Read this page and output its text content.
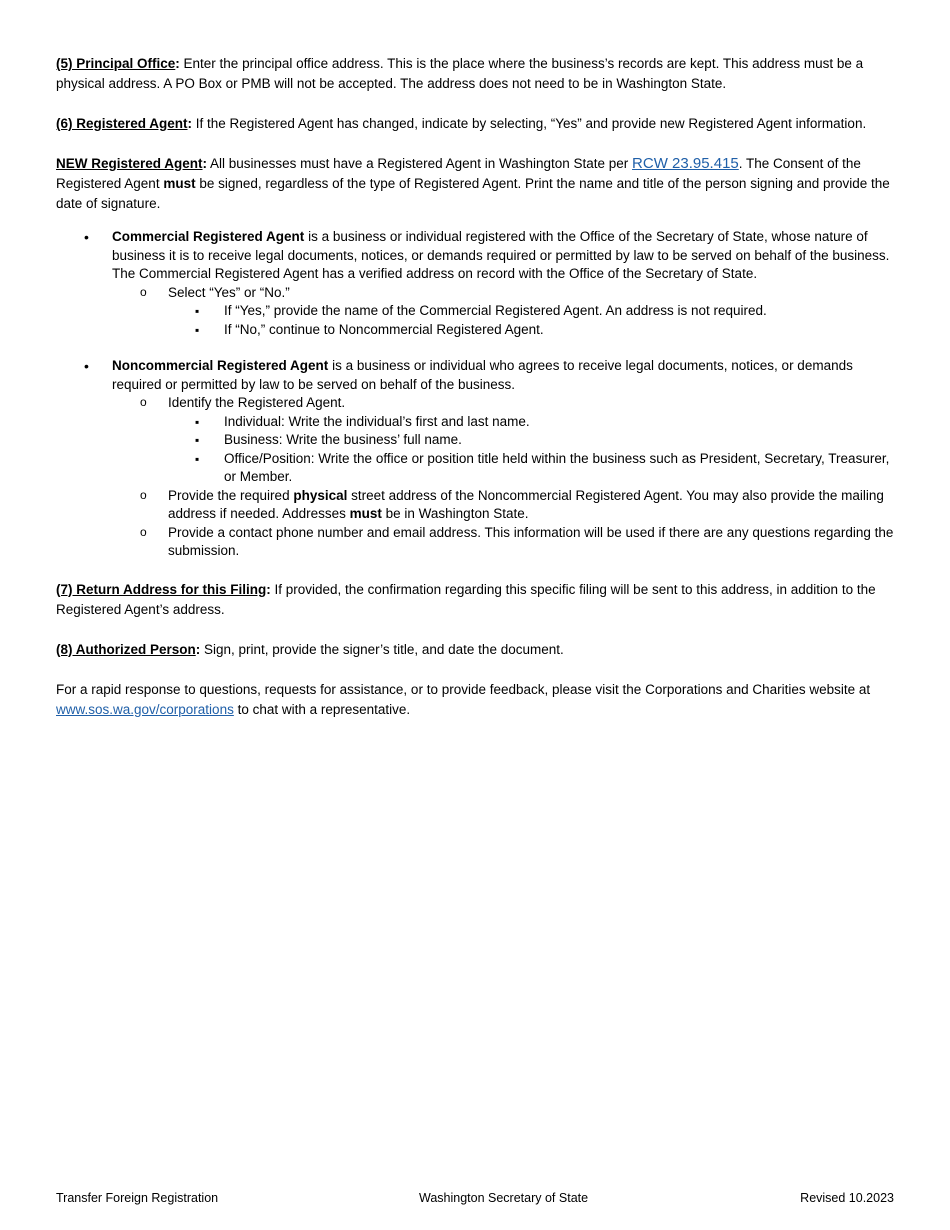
(5) Principal Office: Enter the principal office address. This is the place where the business’s records are kept. This address must be a physical address. A PO Box or PMB will not be accepted. The address does not need to be in Washington State.

(6) Registered Agent: If the Registered Agent has changed, indicate by selecting, “Yes” and provide new Registered Agent information.

NEW Registered Agent: All businesses must have a Registered Agent in Washington State per RCW 23.95.415. The Consent of the Registered Agent must be signed, regardless of the type of Registered Agent. Print the name and title of the person signing and provide the date of signature.

• Commercial Registered Agent is a business or individual registered with the Office of the Secretary of State, whose nature of business it is to receive legal documents, notices, or demands required or permitted by law to be served on behalf of the business. The Commercial Registered Agent has a verified address on record with the Office of the Secretary of State.
o Select “Yes” or “No.”
▪ If “Yes,” provide the name of the Commercial Registered Agent. An address is not required.
▪ If “No,” continue to Noncommercial Registered Agent.
• Noncommercial Registered Agent is a business or individual who agrees to receive legal documents, notices, or demands required or permitted by law to be served on behalf of the business.
o Identify the Registered Agent.
▪ Individual: Write the individual’s first and last name.
▪ Business: Write the business’ full name.
▪ Office/Position: Write the office or position title held within the business such as President, Secretary, Treasurer, or Member.
o Provide the required physical street address of the Noncommercial Registered Agent. You may also provide the mailing address if needed. Addresses must be in Washington State.
o Provide a contact phone number and email address. This information will be used if there are any questions regarding the submission.

(7) Return Address for this Filing: If provided, the confirmation regarding this specific filing will be sent to this address, in addition to the Registered Agent’s address.

(8) Authorized Person: Sign, print, provide the signer’s title, and date the document.

For a rapid response to questions, requests for assistance, or to provide feedback, please visit the Corporations and Charities website at www.sos.wa.gov/corporations to chat with a representative.

Transfer Foreign Registration	Washington Secretary of State	Revised 10.2023
